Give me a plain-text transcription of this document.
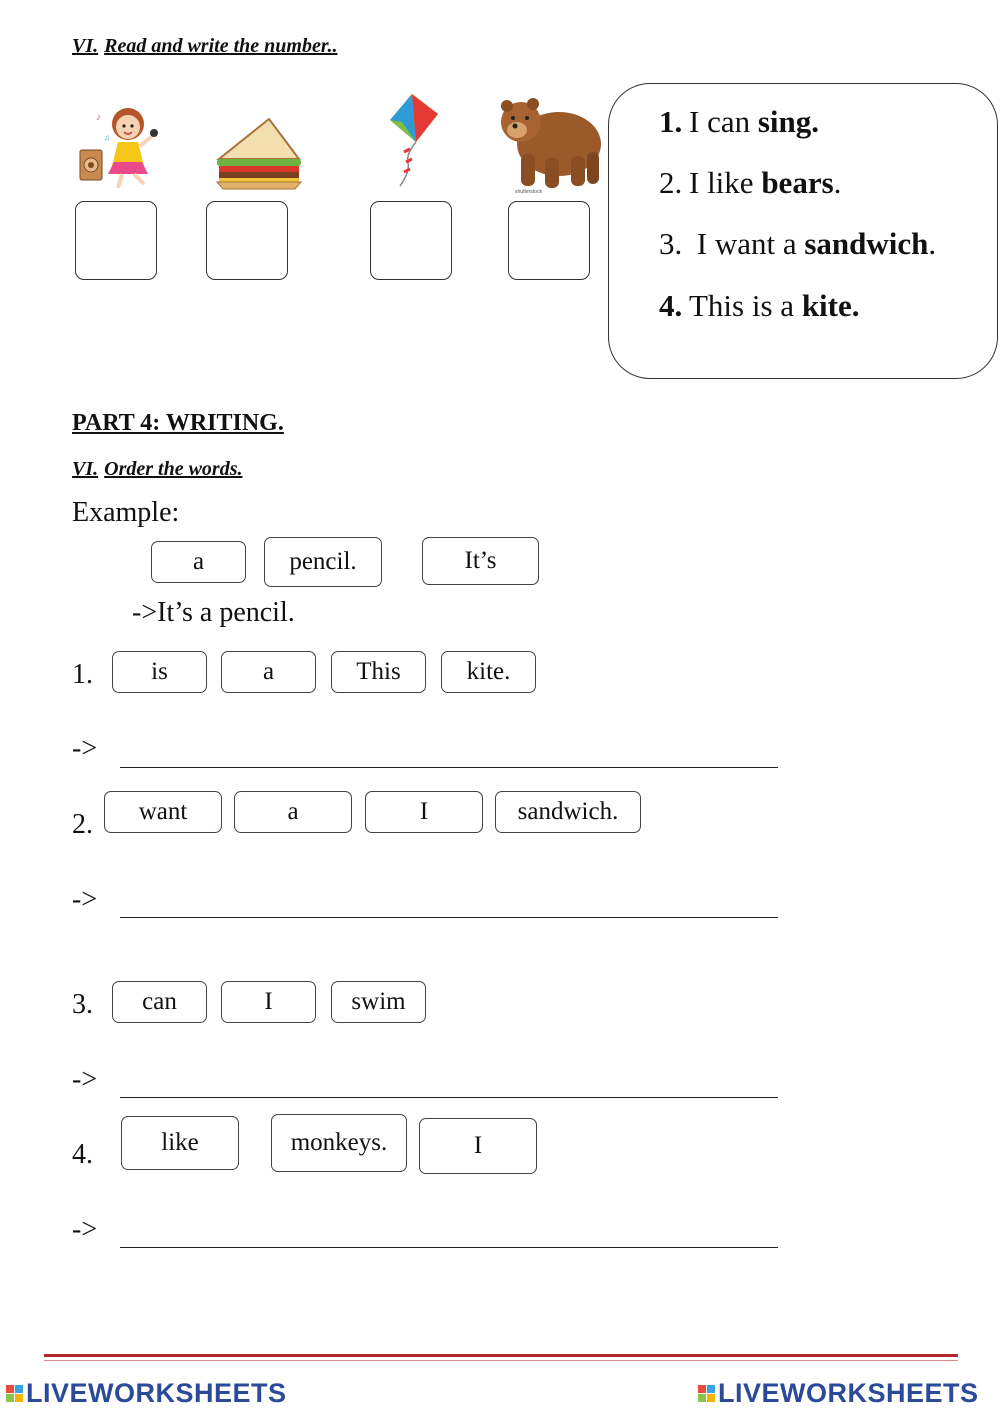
VI. Read and write the number..
♪
♫
shutterstock
1. I can sing.
2. I like bears.
3. I want a sandwich.
4. This is a kite.
PART 4: WRITING.
VI. Order the words.
Example:
a	pencil.	It’s
->It’s a pencil.
1.	is	a	This	kite.
->
2.	want	a	I	sandwich.
->
3.	can	I	swim
->
4.	like	monkeys.	I
->
LIVEWORKSHEETS	LIVEWORKSHEETS
